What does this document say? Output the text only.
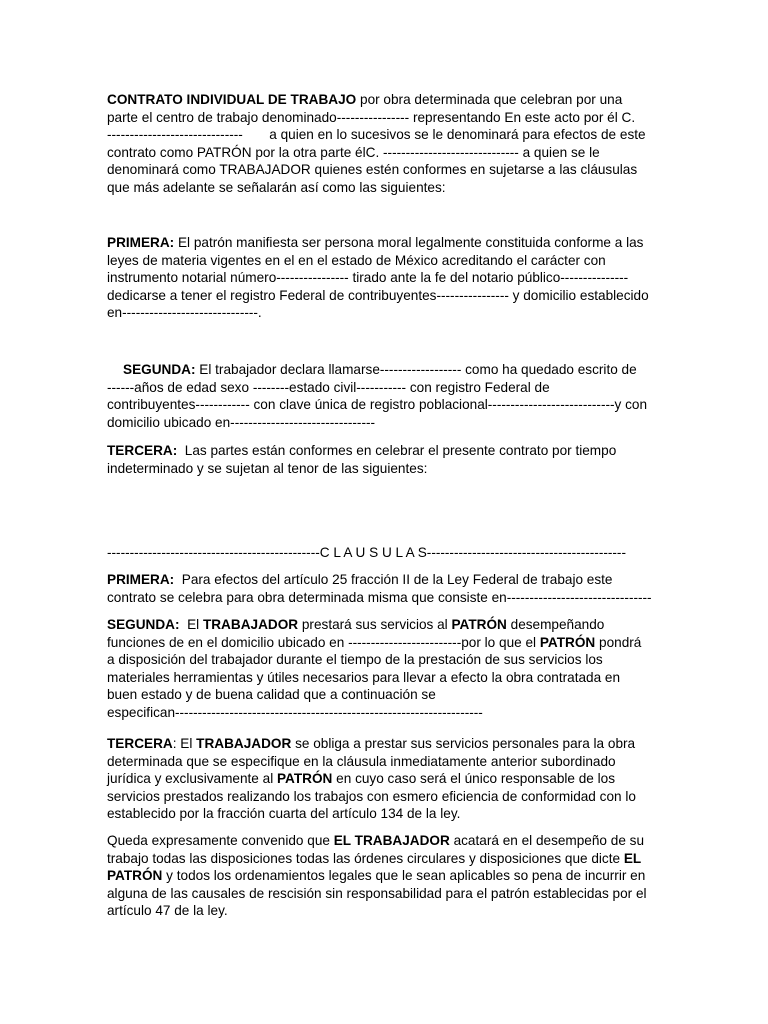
CONTRATO INDIVIDUAL DE TRABAJO por obra determinada que celebran por una
parte el centro de trabajo denominado---------------- representando En este acto por él C.
------------------------------       a quien en lo sucesivos se le denominará para efectos de este
contrato como PATRÓN por la otra parte élC. ------------------------------ a quien se le
denominará como TRABAJADOR quienes estén conformes en sujetarse a las cláusulas
que más adelante se señalarán así como las siguientes:
PRIMERA: El patrón manifiesta ser persona moral legalmente constituida conforme a las
leyes de materia vigentes en el en el estado de México acreditando el carácter con
instrumento notarial número---------------- tirado ante la fe del notario público---------------
dedicarse a tener el registro Federal de contribuyentes---------------- y domicilio establecido
en------------------------------.
SEGUNDA: El trabajador declara llamarse------------------ como ha quedado escrito de
------años de edad sexo --------estado civil----------- con registro Federal de
contribuyentes------------ con clave única de registro poblacional----------------------------y con
domicilio ubicado en--------------------------------
TERCERA:  Las partes están conformes en celebrar el presente contrato por tiempo
indeterminado y se sujetan al tenor de las siguientes:
-----------------------------------------------C L A U S U L A S--------------------------------------------
PRIMERA:  Para efectos del artículo 25 fracción II de la Ley Federal de trabajo este
contrato se celebra para obra determinada misma que consiste en--------------------------------
SEGUNDA:  El TRABAJADOR prestará sus servicios al PATRÓN desempeñando
funciones de en el domicilio ubicado en -------------------------por lo que el PATRÓN pondrá
a disposición del trabajador durante el tiempo de la prestación de sus servicios los
materiales herramientas y útiles necesarios para llevar a efecto la obra contratada en
buen estado y de buena calidad que a continuación se
especifican--------------------------------------------------------------------
TERCERA: El TRABAJADOR se obliga a prestar sus servicios personales para la obra
determinada que se especifique en la cláusula inmediatamente anterior subordinado
jurídica y exclusivamente al PATRÓN en cuyo caso será el único responsable de los
servicios prestados realizando los trabajos con esmero eficiencia de conformidad con lo
establecido por la fracción cuarta del artículo 134 de la ley.
Queda expresamente convenido que EL TRABAJADOR acatará en el desempeño de su
trabajo todas las disposiciones todas las órdenes circulares y disposiciones que dicte EL
PATRÓN y todos los ordenamientos legales que le sean aplicables so pena de incurrir en
alguna de las causales de rescisión sin responsabilidad para el patrón establecidas por el
artículo 47 de la ley.
